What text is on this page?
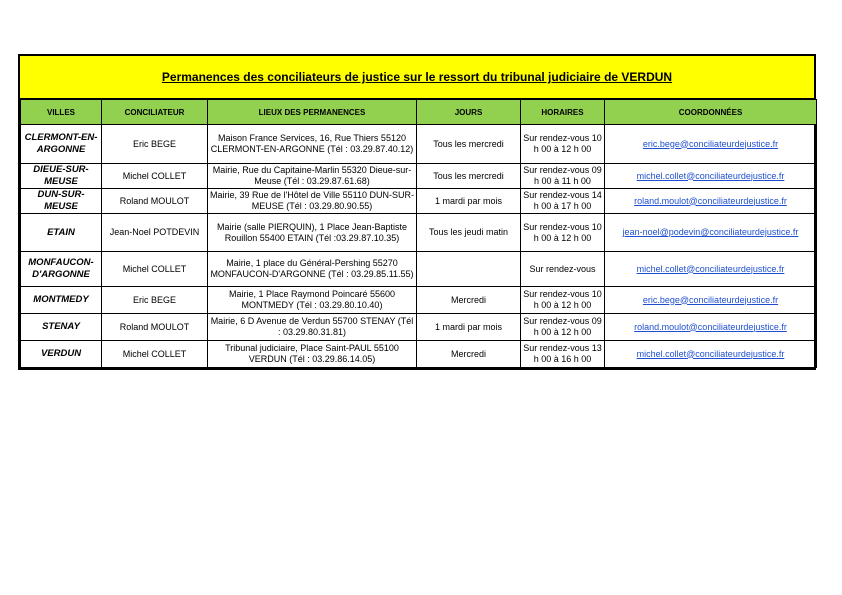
Permanences des conciliateurs de justice sur le ressort du tribunal judiciaire de VERDUN
VILLES	CONCILIATEUR	LIEUX DES PERMANENCES	JOURS	HORAIRES	COORDONNÉES
CLERMONT-EN-ARGONNE	Eric BEGE	Maison France Services, 16, Rue Thiers 55120 CLERMONT-EN-ARGONNE (Tél : 03.29.87.40.12)	Tous les mercredi	Sur rendez-vous 10 h 00 à 12 h 00	eric.bege@conciliateurdejustice.fr
DIEUE-SUR-MEUSE	Michel COLLET	Mairie, Rue du Capitaine-Marlin 55320 Dieue-sur-Meuse (Tél : 03.29.87.61.68)	Tous les mercredi	Sur rendez-vous 09 h 00 à 11 h 00	michel.collet@conciliateurdejustice.fr
DUN-SUR-MEUSE	Roland MOULOT	Mairie, 39 Rue de l'Hôtel de Ville 55110 DUN-SUR-MEUSE (Tél : 03.29.80.90.55)	1 mardi par mois	Sur rendez-vous 14 h 00 à 17 h 00	roland.moulot@conciliateurdejustice.fr
ETAIN	Jean-Noel POTDEVIN	Mairie (salle PIERQUIN), 1 Place Jean-Baptiste Rouillon 55400 ETAIN (Tél :03.29.87.10.35)	Tous les jeudi matin	Sur rendez-vous 10 h 00 à 12 h 00	jean-noel@podevin@conciliateurdejustice.fr
MONFAUCON-D'ARGONNE	Michel COLLET	Mairie, 1 place du Général-Pershing 55270 MONFAUCON-D'ARGONNE (Tél : 03.29.85.11.55)		Sur rendez-vous	michel.collet@conciliateurdejustice.fr
MONTMEDY	Eric BEGE	Mairie, 1 Place Raymond Poincaré 55600 MONTMEDY (Tél : 03.29.80.10.40)	Mercredi	Sur rendez-vous 10 h 00 à 12 h 00	eric.bege@conciliateurdejustice.fr
STENAY	Roland MOULOT	Mairie, 6 D Avenue de Verdun 55700 STENAY (Tél : 03.29.80.31.81)	1 mardi par mois	Sur rendez-vous 09 h 00 à 12 h 00	roland.moulot@conciliateurdejustice.fr
VERDUN	Michel COLLET	Tribunal judiciaire, Place Saint-PAUL 55100 VERDUN (Tél : 03.29.86.14.05)	Mercredi	Sur rendez-vous 13 h 00 à 16 h 00	michel.collet@conciliateurdejustice.fr
